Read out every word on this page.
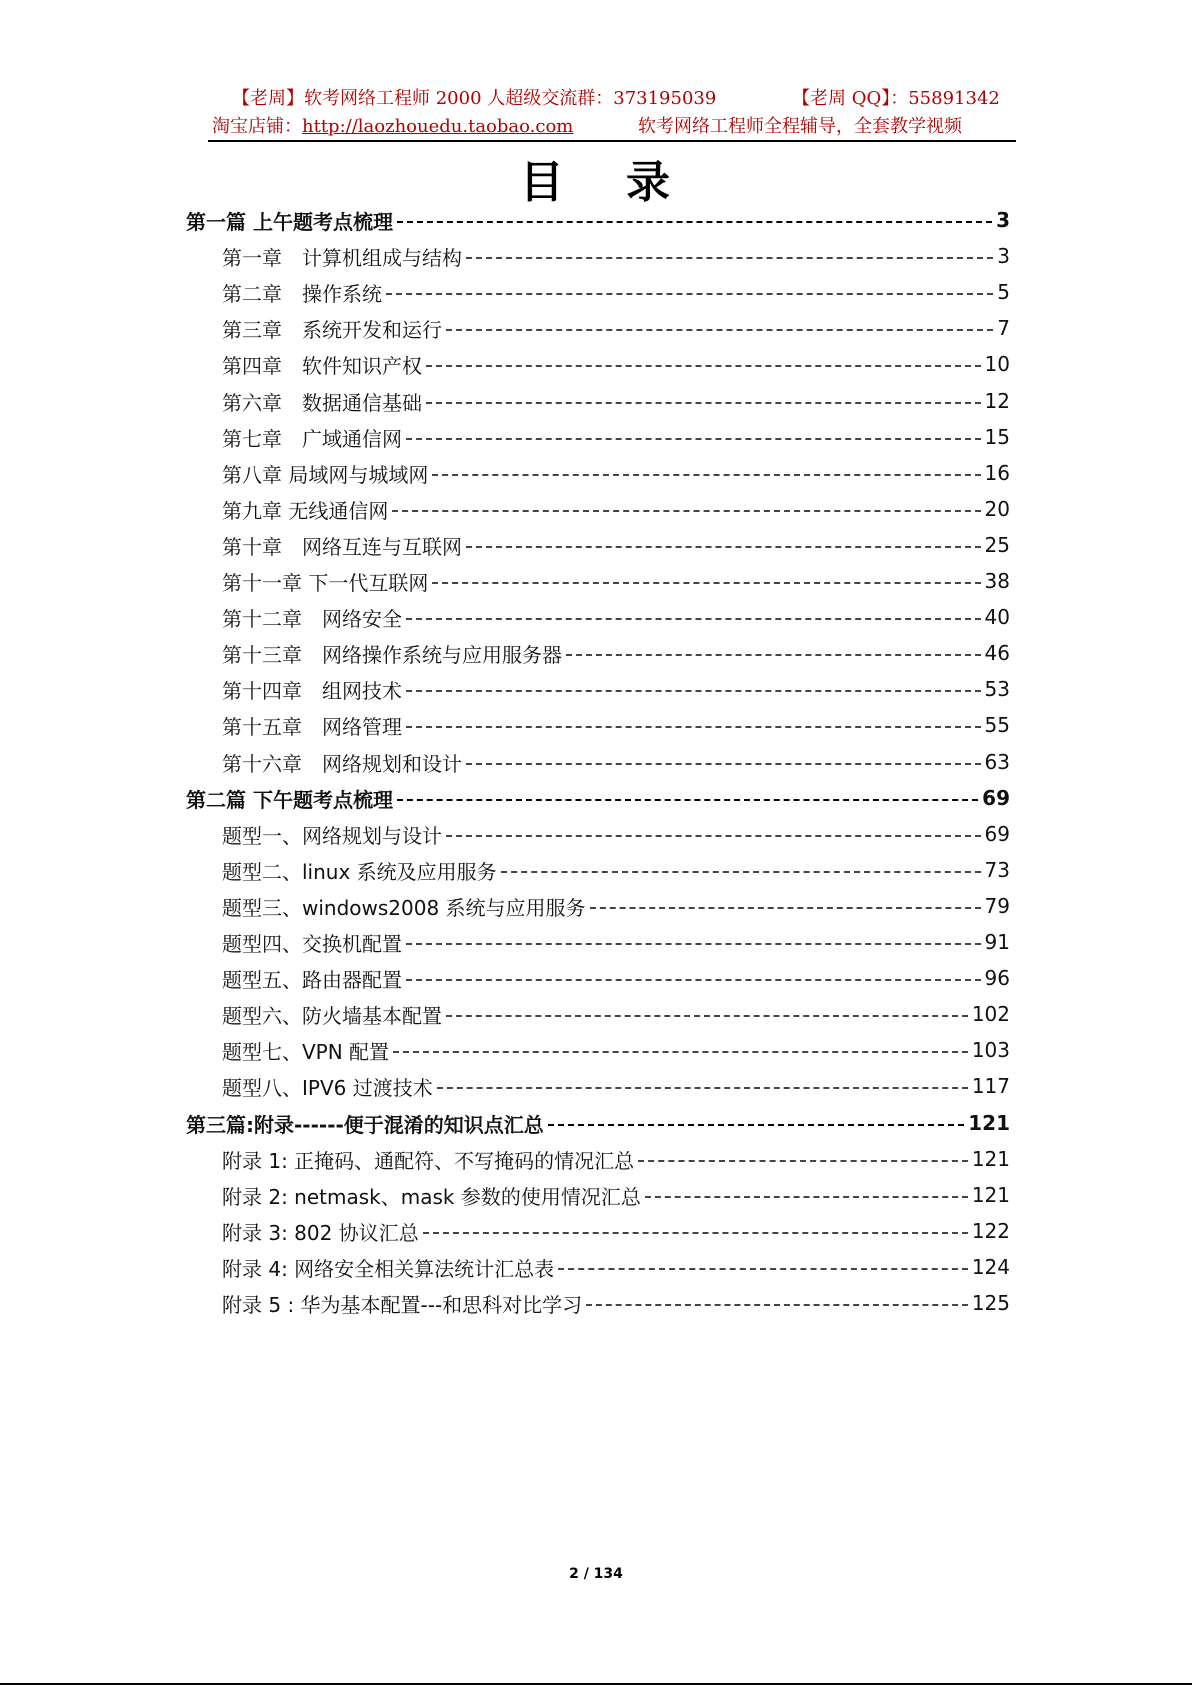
【老周】软考网络工程师 2000 人超级交流群：373195039	【老周 QQ】：55891342
淘宝店铺：http://laozhouedu.taobao.com	软考网络工程师全程辅导，全套教学视频
目 录
第一篇 上午题考点梳理	3
第一章　计算机组成与结构	3
第二章　操作系统	5
第三章　系统开发和运行	7
第四章　软件知识产权	10
第六章　数据通信基础	12
第七章　广域通信网	15
第八章 局域网与城域网	16
第九章 无线通信网	20
第十章　网络互连与互联网	25
第十一章 下一代互联网	38
第十二章　网络安全	40
第十三章　网络操作系统与应用服务器	46
第十四章　组网技术	53
第十五章　网络管理	55
第十六章　网络规划和设计	63
第二篇 下午题考点梳理	69
题型一、网络规划与设计	69
题型二、linux 系统及应用服务	73
题型三、windows2008 系统与应用服务	79
题型四、交换机配置	91
题型五、路由器配置	96
题型六、防火墙基本配置	102
题型七、VPN 配置	103
题型八、IPV6 过渡技术	117
第三篇:附录------便于混淆的知识点汇总	121
附录 1: 正掩码、通配符、不写掩码的情况汇总	121
附录 2: netmask、mask 参数的使用情况汇总	121
附录 3: 802 协议汇总	122
附录 4: 网络安全相关算法统计汇总表	124
附录 5 : 华为基本配置---和思科对比学习	125
2 / 134
